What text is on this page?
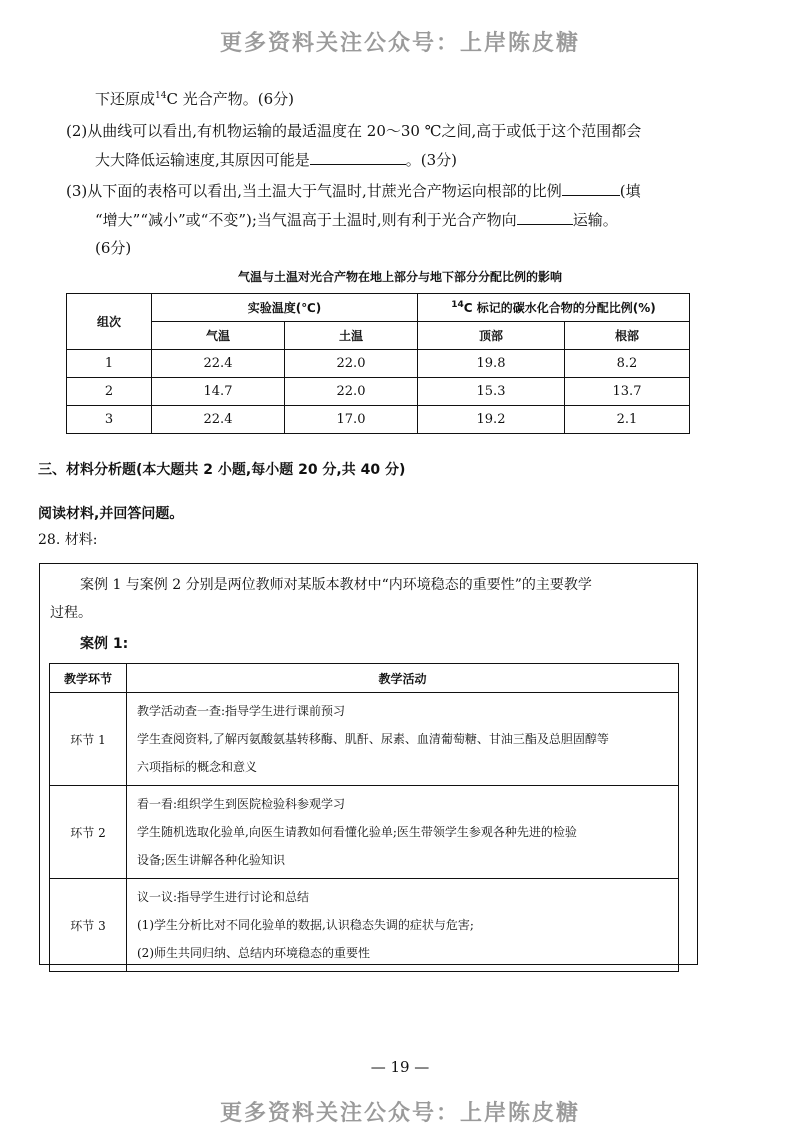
更多资料关注公众号：上岸陈皮糖
下还原成$^{14}$C 光合产物。(6分)
(2)从曲线可以看出,有机物运输的最适温度在 20～30 ℃之间,高于或低于这个范围都会
大大降低运输速度,其原因可能是	。(3分)
(3)从下面的表格可以看出,当土温大于气温时,甘蔗光合产物运向根部的比例	(填
“增大”“减小”或“不变”);当气温高于土温时,则有利于光合产物向	运输。
(6分)
气温与土温对光合产物在地上部分与地下部分分配比例的影响
组次	实验温度(℃)		$^{14}$C 标记的碳水化合物的分配比例(%)	
	气温	土温	顶部	根部
1	22.4	22.0	19.8	8.2
2	14.7	22.0	15.3	13.7
3	22.4	17.0	19.2	2.1
三、材料分析题(本大题共 2 小题,每小题 20 分,共 40 分)
阅读材料,并回答问题。
28. 材料:
案例 1 与案例 2 分别是两位教师对某版本教材中“内环境稳态的重要性”的主要教学
过程。
案例 1:
教学环节	教学活动
环节 1	教学活动查一查:指导学生进行课前预习
学生查阅资料,了解丙氨酸氨基转移酶、肌酐、尿素、血清葡萄糖、甘油三酯及总胆固醇等
六项指标的概念和意义

环节 2	看一看:组织学生到医院检验科参观学习
学生随机选取化验单,向医生请教如何看懂化验单;医生带领学生参观各种先进的检验
设备;医生讲解各种化验知识

环节 3	议一议:指导学生进行讨论和总结
(1)学生分析比对不同化验单的数据,认识稳态失调的症状与危害;
(2)师生共同归纳、总结内环境稳态的重要性
— 19 —
更多资料关注公众号：上岸陈皮糖
